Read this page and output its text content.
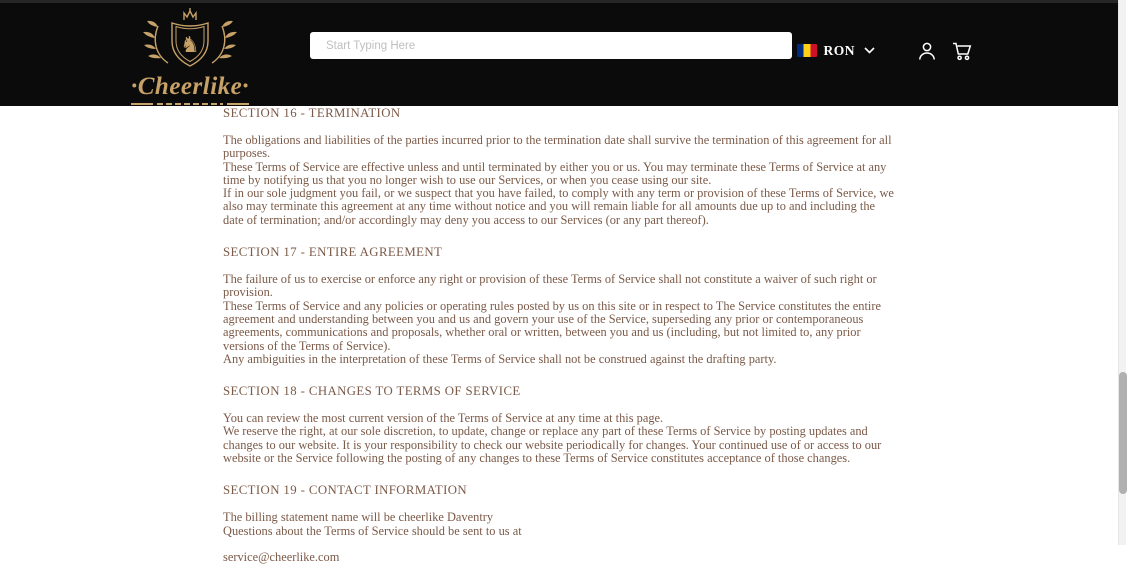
♞
·Cheerlike·
Start Typing Here
RON
SECTION 16 - TERMINATION

The obligations and liabilities of the parties incurred prior to the termination date shall survive the termination of this agreement for all purposes.

These Terms of Service are effective unless and until terminated by either you or us. You may terminate these Terms of Service at any time by notifying us that you no longer wish to use our Services, or when you cease using our site.

If in our sole judgment you fail, or we suspect that you have failed, to comply with any term or provision of these Terms of Service, we also may terminate this agreement at any time without notice and you will remain liable for all amounts due up to and including the date of termination; and/or accordingly may deny you access to our Services (or any part thereof).

SECTION 17 - ENTIRE AGREEMENT

The failure of us to exercise or enforce any right or provision of these Terms of Service shall not constitute a waiver of such right or provision.

These Terms of Service and any policies or operating rules posted by us on this site or in respect to The Service constitutes the entire agreement and understanding between you and us and govern your use of the Service, superseding any prior or contemporaneous agreements, communications and proposals, whether oral or written, between you and us (including, but not limited to, any prior versions of the Terms of Service).

Any ambiguities in the interpretation of these Terms of Service shall not be construed against the drafting party.

SECTION 18 - CHANGES TO TERMS OF SERVICE

You can review the most current version of the Terms of Service at any time at this page.

We reserve the right, at our sole discretion, to update, change or replace any part of these Terms of Service by posting updates and changes to our website. It is your responsibility to check our website periodically for changes. Your continued use of or access to our website or the Service following the posting of any changes to these Terms of Service constitutes acceptance of those changes.

SECTION 19 - CONTACT INFORMATION

The billing statement name will be cheerlike Daventry

Questions about the Terms of Service should be sent to us at

service@cheerlike.com
